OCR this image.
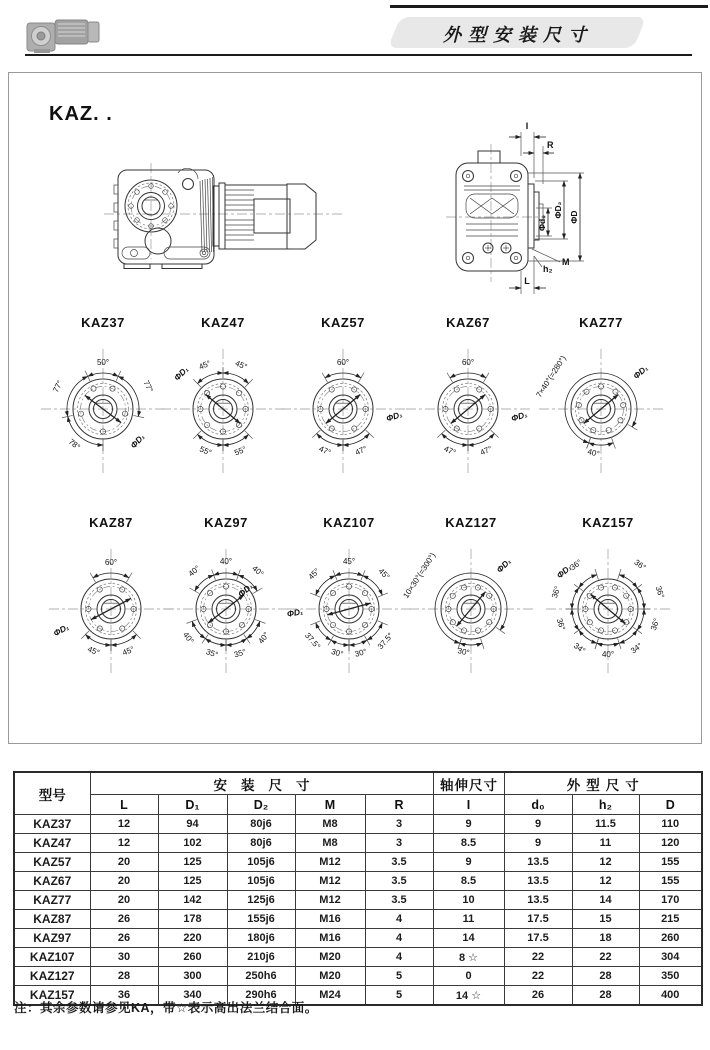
外型安装尺寸
KAZ. .
I
R
ΦD₂ ΦD
Φd₀
M
h₂
L
KAZ37
50°
77°
77°
78°	ΦD₁
KAZ47
45°	45°
55°
55°
ΦD₁
KAZ57
60°
47°
47°
ΦD₁
KAZ67
60°
47°
47°
ΦD₁
KAZ77
7×40°(=280°)
40°
ΦD₁
KAZ87
60°
45°
45°
ΦD₁
KAZ97
40°
40°
40°
40°
35°
35°
40°
ΦD₁
KAZ107
45°
45°
45°
37.5°
30°
30°
37.5°
ΦD₁
KAZ127
10×30°(=300°)
30°
ΦD₁
KAZ157
36°
36°
36°
34°
40°
36°
36°
36°
34°
ΦD₁
型号	安装尺寸					轴伸尺寸	外型尺寸		
	L	D₁	D₂	M	R	I	d₀	h₂	D
KAZ37	12	94	80j6	M8	3	9	9	11.5	110
KAZ47	12	102	80j6	M8	3	8.5	9	11	120
KAZ57	20	125	105j6	M12	3.5	9	13.5	12	155
KAZ67	20	125	105j6	M12	3.5	8.5	13.5	12	155
KAZ77	20	142	125j6	M12	3.5	10	13.5	14	170
KAZ87	26	178	155j6	M16	4	11	17.5	15	215
KAZ97	26	220	180j6	M16	4	14	17.5	18	260
KAZ107	30	260	210j6	M20	4	8 ☆	22	22	304
KAZ127	28	300	250h6	M20	5	0	22	28	350
KAZ157	36	340	290h6	M24	5	14 ☆	26	28	400
注：其余参数请参见KA，带☆表示高出法兰结合面。
